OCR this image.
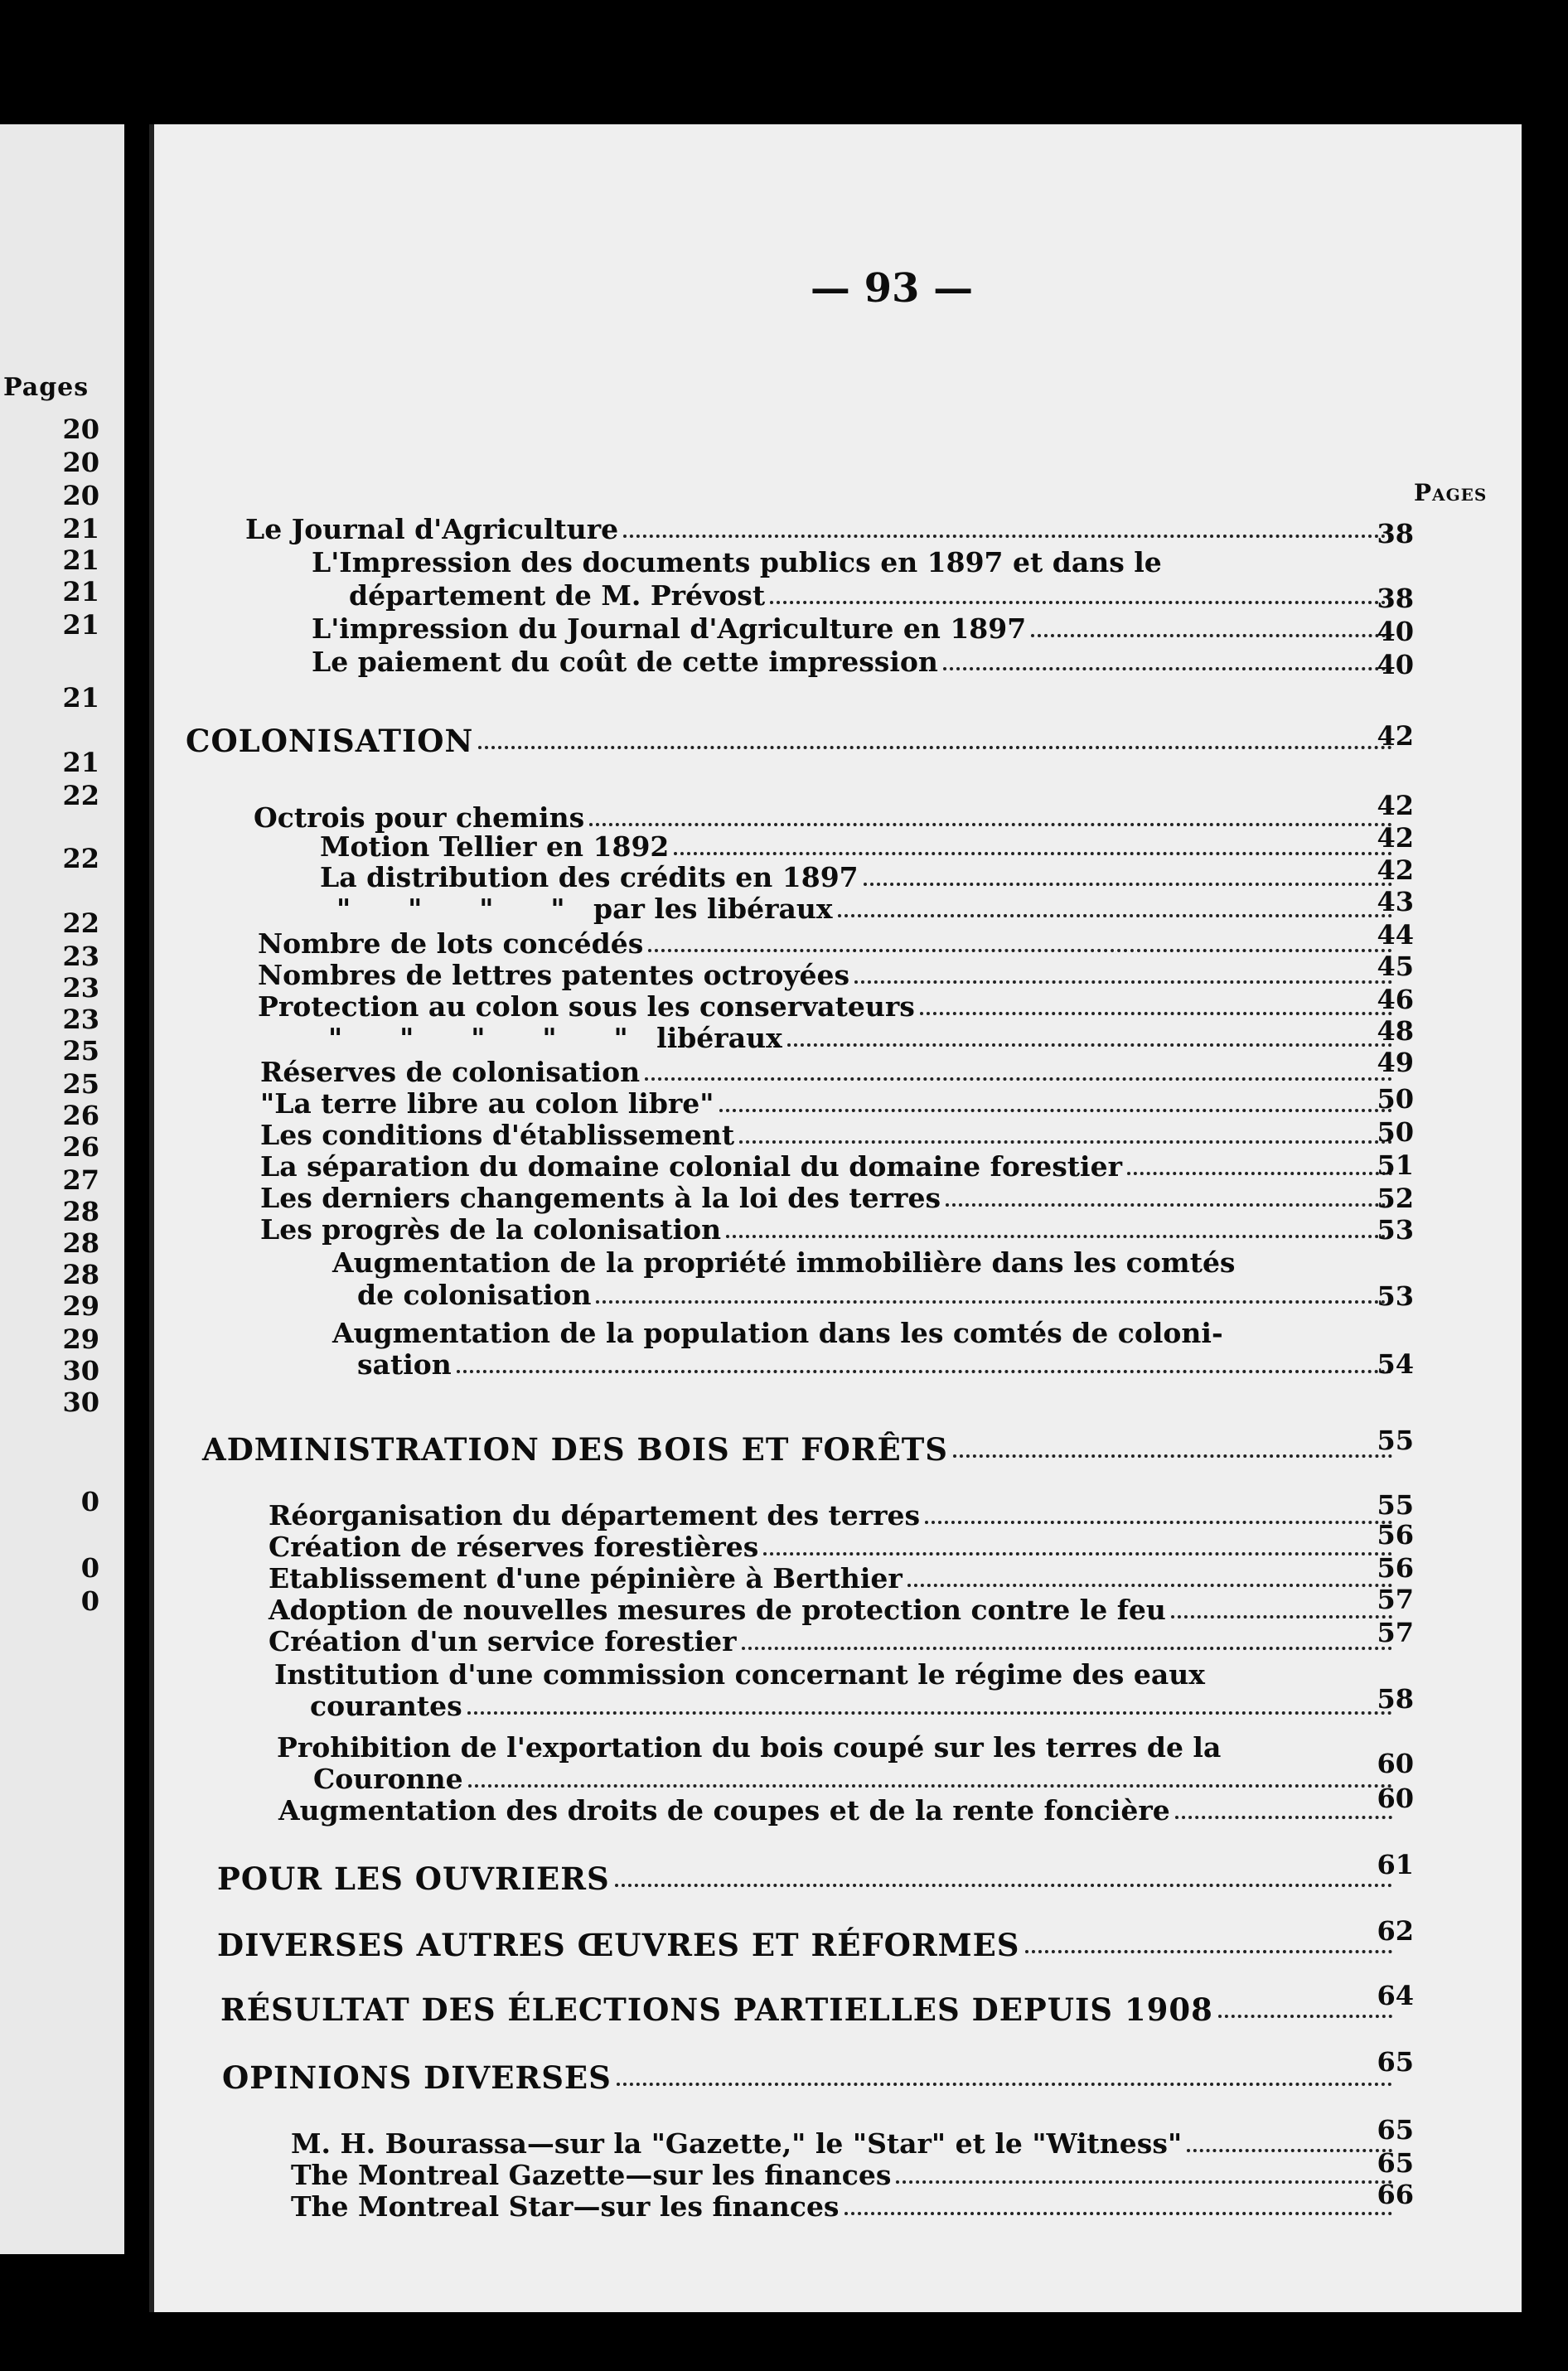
Pages
20
20
20
21
21
21
21
21
21
22
22
22
23
23
23
25
25
26
26
27
28
28
28
29
29
30
30
0
0
0
— 93 —
Pages
Le Journal d'Agriculture	38
L'Impression des documents publics en 1897 et dans le
département de M. Prévost	38
L'impression du Journal d'Agriculture en 1897	40
Le paiement du coût de cette impression	40
COLONISATION	42
Octrois pour chemins	42
Motion Tellier en 1892	42
La distribution des crédits en 1897	42
"      "      "      "   par les libéraux	43
Nombre de lots concédés	44
Nombres de lettres patentes octroyées	45
Protection au colon sous les conservateurs	46
"      "      "      "      "   libéraux	48
Réserves de colonisation	49
"La terre libre au colon libre"	50
Les conditions d'établissement	50
La séparation du domaine colonial du domaine forestier	51
Les derniers changements à la loi des terres	52
Les progrès de la colonisation	53
Augmentation de la propriété immobilière dans les comtés
de colonisation	53
Augmentation de la population dans les comtés de coloni-
sation	54
ADMINISTRATION DES BOIS ET FORÊTS	55
Réorganisation du département des terres	55
Création de réserves forestières	56
Etablissement d'une pépinière à Berthier	56
Adoption de nouvelles mesures de protection contre le feu	57
Création d'un service forestier	57
Institution d'une commission concernant le régime des eaux
courantes	58
Prohibition de l'exportation du bois coupé sur les terres de la
Couronne	60
Augmentation des droits de coupes et de la rente foncière	60
POUR LES OUVRIERS	61
DIVERSES AUTRES ŒUVRES ET RÉFORMES	62
RÉSULTAT DES ÉLECTIONS PARTIELLES DEPUIS 1908	64
OPINIONS DIVERSES	65
M. H. Bourassa—sur la "Gazette," le "Star" et le "Witness"	65
The Montreal Gazette—sur les finances	65
The Montreal Star—sur les finances	66
